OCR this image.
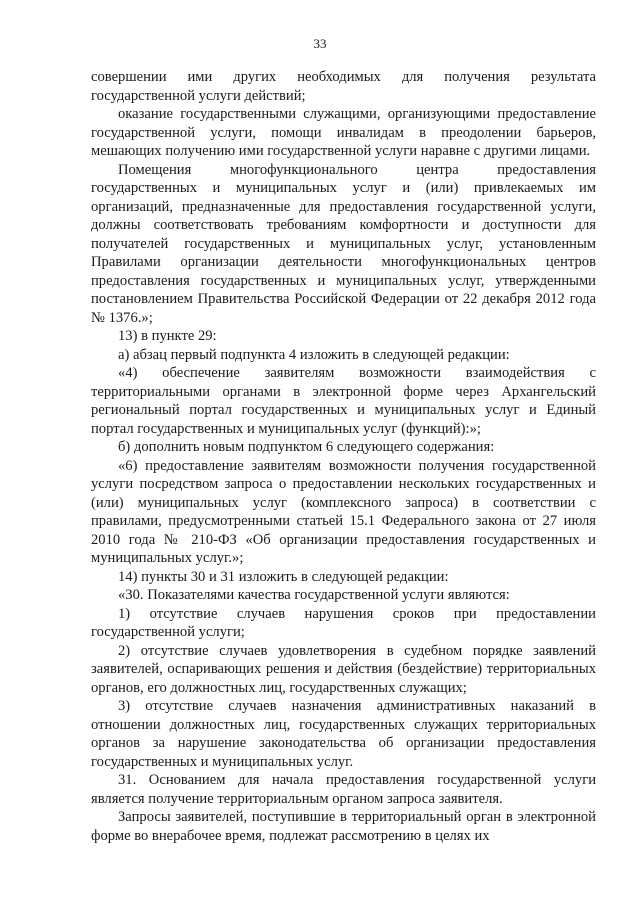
33

совершении ими других необходимых для получения результата государственной услуги действий;

оказание государственными служащими, организующими предоставление государственной услуги, помощи инвалидам в преодолении барьеров, мешающих получению ими государственной услуги наравне с другими лицами.

Помещения многофункционального центра предоставления государственных и муниципальных услуг и (или) привлекаемых им организаций, предназначенные для предоставления государственной услуги, должны соответствовать требованиям комфортности и доступности для получателей государственных и муниципальных услуг, установленным Правилами организации деятельности многофункциональных центров предоставления государственных и муниципальных услуг, утвержденными постановлением Правительства Российской Федерации от 22 декабря 2012 года № 1376.»;

13) в пункте 29:

а) абзац первый подпункта 4 изложить в следующей редакции:

«4) обеспечение заявителям возможности взаимодействия с территориальными органами в электронной форме через Архангельский региональный портал государственных и муниципальных услуг и Единый портал государственных и муниципальных услуг (функций):»;

б) дополнить новым подпунктом 6 следующего содержания:

«6) предоставление заявителям возможности получения государственной услуги посредством запроса о предоставлении нескольких государственных и (или) муниципальных услуг (комплексного запроса) в соответствии с правилами, предусмотренными статьей 15.1 Федерального закона от 27 июля 2010 года № 210-ФЗ «Об организации предоставления государственных и муниципальных услуг.»;

14) пункты 30 и 31 изложить в следующей редакции:

«30. Показателями качества государственной услуги являются:

1) отсутствие случаев нарушения сроков при предоставлении государственной услуги;

2) отсутствие случаев удовлетворения в судебном порядке заявлений заявителей, оспаривающих решения и действия (бездействие) территориальных органов, его должностных лиц, государственных служащих;

3) отсутствие случаев назначения административных наказаний в отношении должностных лиц, государственных служащих территориальных органов за нарушение законодательства об организации предоставления государственных и муниципальных услуг.

31. Основанием для начала предоставления государственной услуги является получение территориальным органом запроса заявителя.

Запросы заявителей, поступившие в территориальный орган в электронной форме во внерабочее время, подлежат рассмотрению в целях их
